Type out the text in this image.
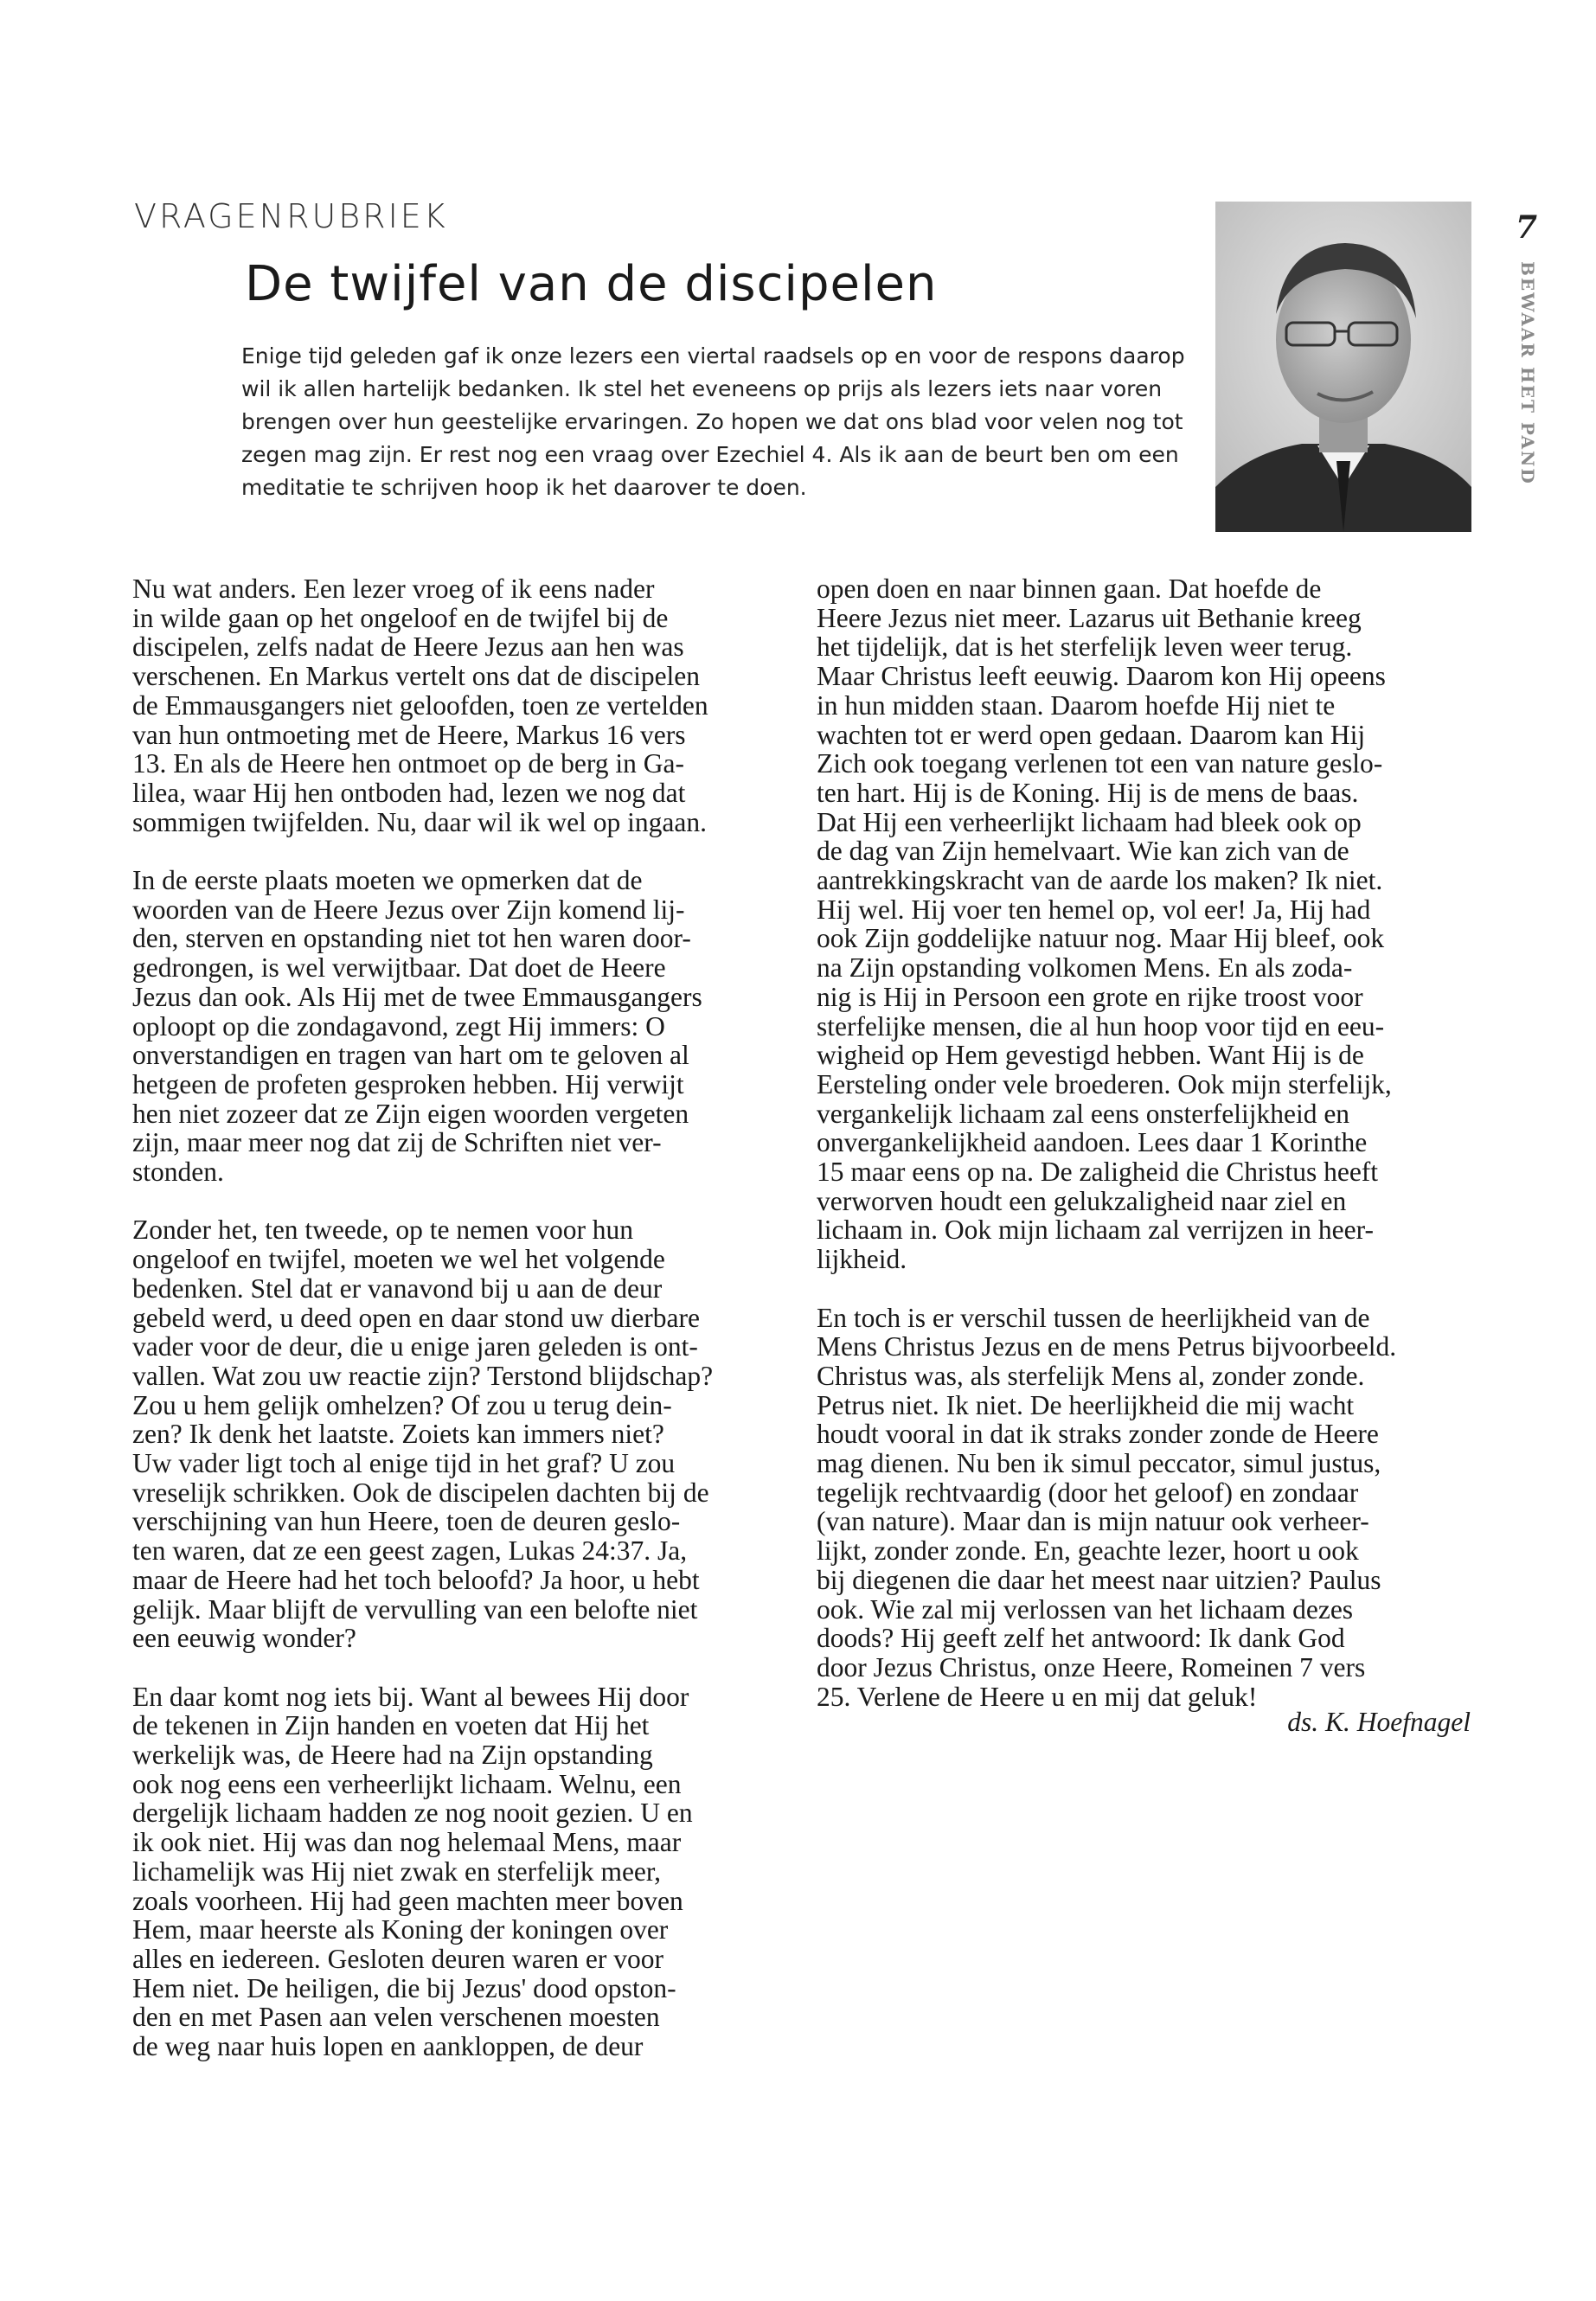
VRAGENRUBRIEK
De twijfel van de discipelen

Enige tijd geleden gaf ik onze lezers een viertal raadsels op en voor de respons daarop wil ik allen hartelijk bedanken. Ik stel het eveneens op prijs als lezers iets naar voren brengen over hun geestelijke ervaringen. Zo hopen we dat ons blad voor velen nog tot zegen mag zijn. Er rest nog een vraag over Ezechiel 4. Als ik aan de beurt ben om een meditatie te schrijven hoop ik het daarover te doen.

7
BEWAAR HET PAND

Nu wat anders. Een lezer vroeg of ik eens nader
in wilde gaan op het ongeloof en de twijfel bij de
discipelen, zelfs nadat de Heere Jezus aan hen was
verschenen. En Markus vertelt ons dat de discipelen
de Emmausgangers niet geloofden, toen ze vertelden
van hun ontmoeting met de Heere, Markus 16 vers
13. En als de Heere hen ontmoet op de berg in Ga-
lilea, waar Hij hen ontboden had, lezen we nog dat
sommigen twijfelden. Nu, daar wil ik wel op ingaan.

In de eerste plaats moeten we opmerken dat de
woorden van de Heere Jezus over Zijn komend lij-
den, sterven en opstanding niet tot hen waren door-
gedrongen, is wel verwijtbaar. Dat doet de Heere
Jezus dan ook. Als Hij met de twee Emmausgangers
oploopt op die zondagavond, zegt Hij immers: O
onverstandigen en tragen van hart om te geloven al
hetgeen de profeten gesproken hebben. Hij verwijt
hen niet zozeer dat ze Zijn eigen woorden vergeten
zijn, maar meer nog dat zij de Schriften niet ver-
stonden.

Zonder het, ten tweede, op te nemen voor hun
ongeloof en twijfel, moeten we wel het volgende
bedenken. Stel dat er vanavond bij u aan de deur
gebeld werd, u deed open en daar stond uw dierbare
vader voor de deur, die u enige jaren geleden is ont-
vallen. Wat zou uw reactie zijn? Terstond blijdschap?
Zou u hem gelijk omhelzen? Of zou u terug dein-
zen? Ik denk het laatste. Zoiets kan immers niet?
Uw vader ligt toch al enige tijd in het graf? U zou
vreselijk schrikken. Ook de discipelen dachten bij de
verschijning van hun Heere, toen de deuren geslo-
ten waren, dat ze een geest zagen, Lukas 24:37. Ja,
maar de Heere had het toch beloofd? Ja hoor, u hebt
gelijk. Maar blijft de vervulling van een belofte niet
een eeuwig wonder?

En daar komt nog iets bij. Want al bewees Hij door
de tekenen in Zijn handen en voeten dat Hij het
werkelijk was, de Heere had na Zijn opstanding
ook nog eens een verheerlijkt lichaam. Welnu, een
dergelijk lichaam hadden ze nog nooit gezien. U en
ik ook niet. Hij was dan nog helemaal Mens, maar
lichamelijk was Hij niet zwak en sterfelijk meer,
zoals voorheen. Hij had geen machten meer boven
Hem, maar heerste als Koning der koningen over
alles en iedereen. Gesloten deuren waren er voor
Hem niet. De heiligen, die bij Jezus' dood opston-
den en met Pasen aan velen verschenen moesten
de weg naar huis lopen en aankloppen, de deur

open doen en naar binnen gaan. Dat hoefde de
Heere Jezus niet meer. Lazarus uit Bethanie kreeg
het tijdelijk, dat is het sterfelijk leven weer terug.
Maar Christus leeft eeuwig. Daarom kon Hij opeens
in hun midden staan. Daarom hoefde Hij niet te
wachten tot er werd open gedaan. Daarom kan Hij
Zich ook toegang verlenen tot een van nature geslo-
ten hart. Hij is de Koning. Hij is de mens de baas.
Dat Hij een verheerlijkt lichaam had bleek ook op
de dag van Zijn hemelvaart. Wie kan zich van de
aantrekkingskracht van de aarde los maken? Ik niet.
Hij wel. Hij voer ten hemel op, vol eer! Ja, Hij had
ook Zijn goddelijke natuur nog. Maar Hij bleef, ook
na Zijn opstanding volkomen Mens. En als zoda-
nig is Hij in Persoon een grote en rijke troost voor
sterfelijke mensen, die al hun hoop voor tijd en eeu-
wigheid op Hem gevestigd hebben. Want Hij is de
Eersteling onder vele broederen. Ook mijn sterfelijk,
vergankelijk lichaam zal eens onsterfelijkheid en
onvergankelijkheid aandoen. Lees daar 1 Korinthe
15 maar eens op na. De zaligheid die Christus heeft
verworven houdt een gelukzaligheid naar ziel en
lichaam in. Ook mijn lichaam zal verrijzen in heer-
lijkheid.

En toch is er verschil tussen de heerlijkheid van de
Mens Christus Jezus en de mens Petrus bijvoorbeeld.
Christus was, als sterfelijk Mens al, zonder zonde.
Petrus niet. Ik niet. De heerlijkheid die mij wacht
houdt vooral in dat ik straks zonder zonde de Heere
mag dienen. Nu ben ik simul peccator, simul justus,
tegelijk rechtvaardig (door het geloof) en zondaar
(van nature). Maar dan is mijn natuur ook verheer-
lijkt, zonder zonde. En, geachte lezer, hoort u ook
bij diegenen die daar het meest naar uitzien? Paulus
ook. Wie zal mij verlossen van het lichaam dezes
doods? Hij geeft zelf het antwoord: Ik dank God
door Jezus Christus, onze Heere, Romeinen 7 vers
25. Verlene de Heere u en mij dat geluk!

ds. K. Hoefnagel
